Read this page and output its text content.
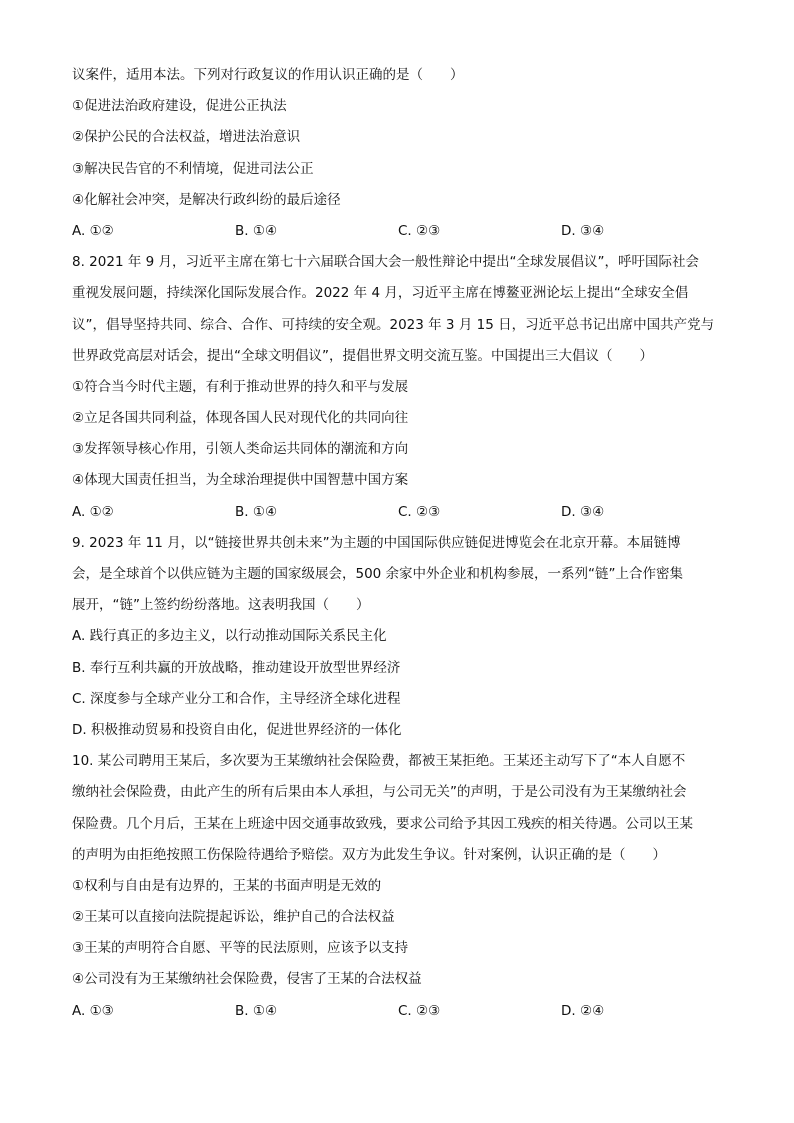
议案件，适用本法。下列对行政复议的作用认识正确的是（　　）
①促进法治政府建设，促进公正执法
②保护公民的合法权益，增进法治意识
③解决民告官的不利情境，促进司法公正
④化解社会冲突，是解决行政纠纷的最后途径
A. ①②	B. ①④	C. ②③	D. ③④
8. 2021 年 9 月，习近平主席在第七十六届联合国大会一般性辩论中提出“全球发展倡议”，呼吁国际社会
重视发展问题，持续深化国际发展合作。2022 年 4 月，习近平主席在博鳌亚洲论坛上提出“全球安全倡
议”，倡导坚持共同、综合、合作、可持续的安全观。2023 年 3 月 15 日，习近平总书记出席中国共产党与
世界政党高层对话会，提出“全球文明倡议”，提倡世界文明交流互鉴。中国提出三大倡议（　　）
①符合当今时代主题，有利于推动世界的持久和平与发展
②立足各国共同利益，体现各国人民对现代化的共同向往
③发挥领导核心作用，引领人类命运共同体的潮流和方向
④体现大国责任担当，为全球治理提供中国智慧中国方案
A. ①②	B. ①④	C. ②③	D. ③④
9. 2023 年 11 月，以“链接世界共创未来”为主题的中国国际供应链促进博览会在北京开幕。本届链博
会，是全球首个以供应链为主题的国家级展会，500 余家中外企业和机构参展，一系列“链”上合作密集
展开，“链”上签约纷纷落地。这表明我国（　　）
A. 践行真正的多边主义，以行动推动国际关系民主化
B. 奉行互利共赢的开放战略，推动建设开放型世界经济
C. 深度参与全球产业分工和合作，主导经济全球化进程
D. 积极推动贸易和投资自由化，促进世界经济的一体化
10. 某公司聘用王某后，多次要为王某缴纳社会保险费，都被王某拒绝。王某还主动写下了“本人自愿不
缴纳社会保险费，由此产生的所有后果由本人承担，与公司无关”的声明，于是公司没有为王某缴纳社会
保险费。几个月后，王某在上班途中因交通事故致残，要求公司给予其因工残疾的相关待遇。公司以王某
的声明为由拒绝按照工伤保险待遇给予赔偿。双方为此发生争议。针对案例，认识正确的是（　　）
①权利与自由是有边界的，王某的书面声明是无效的
②王某可以直接向法院提起诉讼，维护自己的合法权益
③王某的声明符合自愿、平等的民法原则，应该予以支持
④公司没有为王某缴纳社会保险费，侵害了王某的合法权益
A. ①③	B. ①④	C. ②③	D. ②④
